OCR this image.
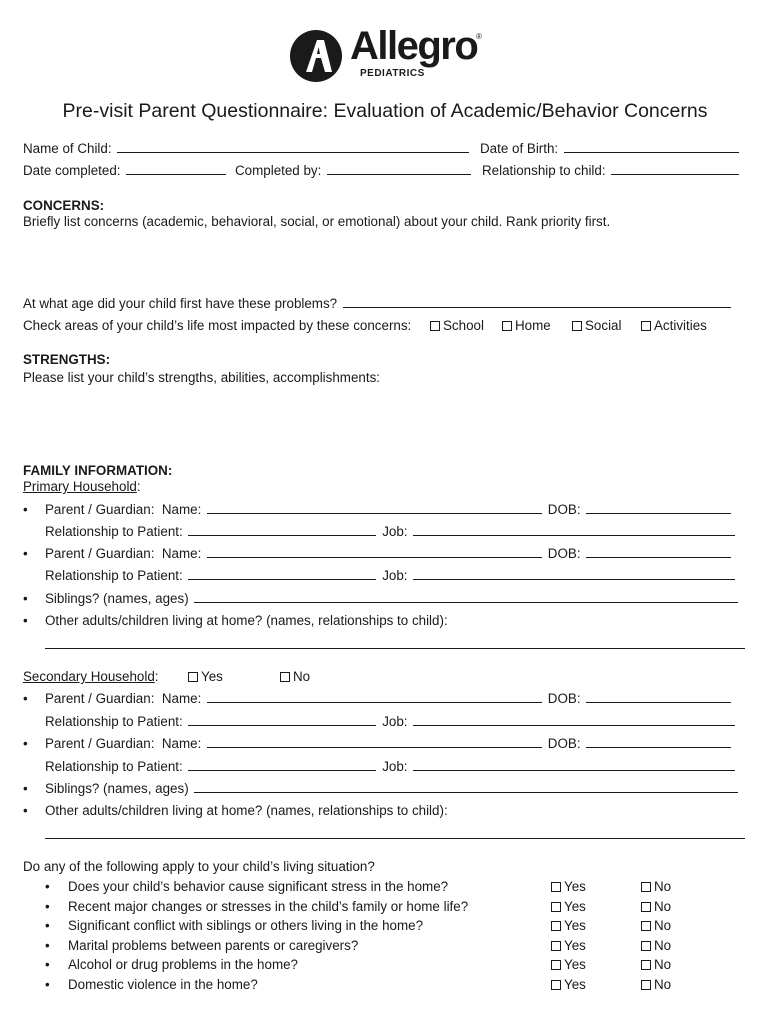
Allegro
®
PEDIATRICS
Pre-visit Parent Questionnaire: Evaluation of Academic/Behavior Concerns
Name of Child:	Date of Birth:
Date completed:	Completed by:	Relationship to child:
CONCERNS:
Briefly list concerns (academic, behavioral, social, or emotional) about your child. Rank priority first.
At what age did your child first have these problems?
Check areas of your child’s life most impacted by these concerns:	School	Home	Social	Activities
STRENGTHS:
Please list your child’s strengths, abilities, accomplishments:
FAMILY INFORMATION:
Primary Household:
• Parent / Guardian: Name:	DOB:
Relationship to Patient:	Job:
• Parent / Guardian: Name:	DOB:
Relationship to Patient:	Job:
• Siblings? (names, ages)
• Other adults/children living at home? (names, relationships to child):
Secondary Household:	Yes	No
• Parent / Guardian: Name:	DOB:
Relationship to Patient:	Job:
• Parent / Guardian: Name:	DOB:
Relationship to Patient:	Job:
• Siblings? (names, ages)
• Other adults/children living at home? (names, relationships to child):
Do any of the following apply to your child’s living situation?
• Does your child’s behavior cause significant stress in the home?	Yes	No
• Recent major changes or stresses in the child’s family or home life?	Yes	No
• Significant conflict with siblings or others living in the home?	Yes	No
• Marital problems between parents or caregivers?	Yes	No
• Alcohol or drug problems in the home?	Yes	No
• Domestic violence in the home?	Yes	No
